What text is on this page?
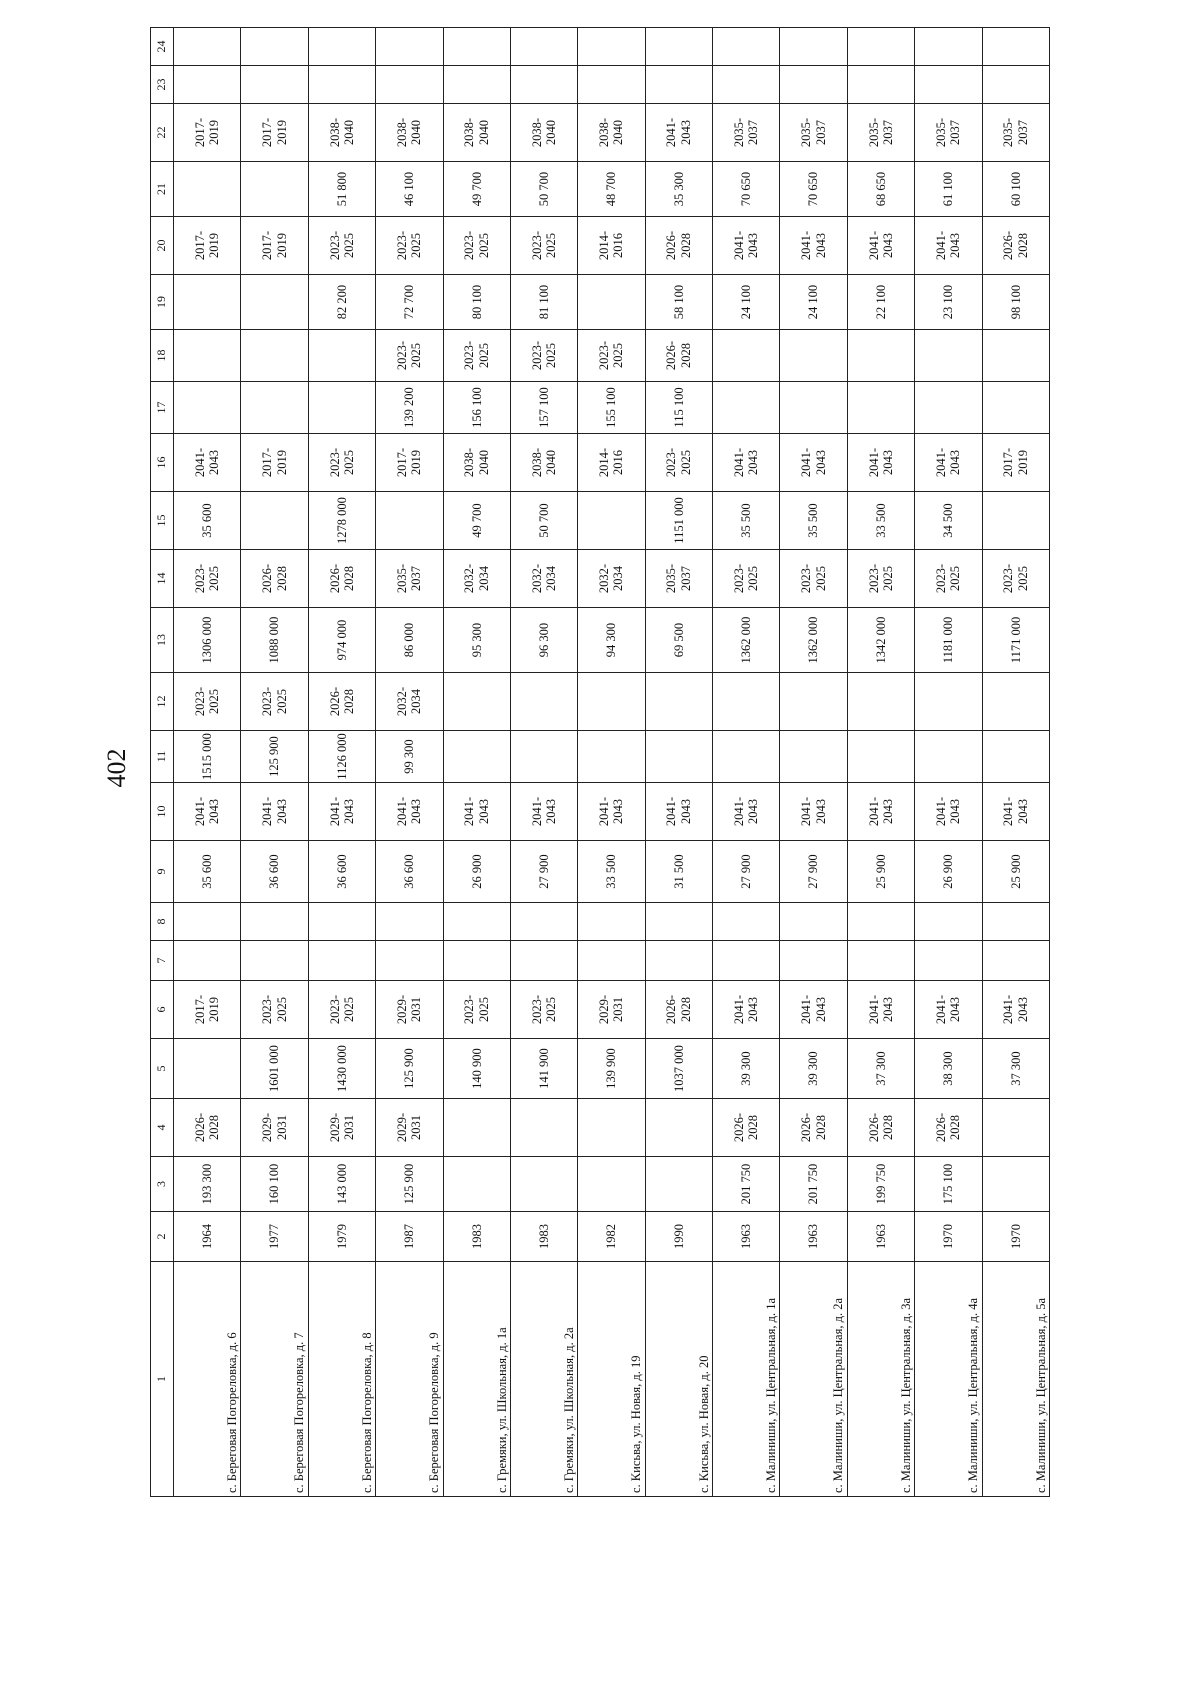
402
1	2	3	4	5	6	7	8	9	10	11	12	13	14	15	16	17	18	19	20	21	22	23	24
с. Береговая Погореловка, д. 6	1964	193 300	2026-2028		2017-2019			35 600	2041-2043	1515 000	2023-2025	1306 000	2023-2025	35 600	2041-2043				2017-2019		2017-2019		
с. Береговая Погореловка, д. 7	1977	160 100	2029-2031	1601 000	2023-2025			36 600	2041-2043	125 900	2023-2025	1088 000	2026-2028		2017-2019				2017-2019		2017-2019		
с. Береговая Погореловка, д. 8	1979	143 000	2029-2031	1430 000	2023-2025			36 600	2041-2043	1126 000	2026-2028	974 000	2026-2028	1278 000	2023-2025			82 200	2023-2025	51 800	2038-2040		
с. Береговая Погореловка, д. 9	1987	125 900	2029-2031	125 900	2029-2031			36 600	2041-2043	99 300	2032-2034	86 000	2035-2037		2017-2019	139 200	2023-2025	72 700	2023-2025	46 100	2038-2040		
с. Гремяки, ул. Школьная, д. 1а	1983			140 900	2023-2025			26 900	2041-2043			95 300	2032-2034	49 700	2038-2040	156 100	2023-2025	80 100	2023-2025	49 700	2038-2040		
с. Гремяки, ул. Школьная, д. 2а	1983			141 900	2023-2025			27 900	2041-2043			96 300	2032-2034	50 700	2038-2040	157 100	2023-2025	81 100	2023-2025	50 700	2038-2040		
с. Кисьва, ул. Новая, д. 19	1982			139 900	2029-2031			33 500	2041-2043			94 300	2032-2034		2014-2016	155 100	2023-2025		2014-2016	48 700	2038-2040		
с. Кисьва, ул. Новая, д. 20	1990			1037 000	2026-2028			31 500	2041-2043			69 500	2035-2037	1151 000	2023-2025	115 100	2026-2028	58 100	2026-2028	35 300	2041-2043		
с. Малиниши, ул. Центральная, д. 1а	1963	201 750	2026-2028	39 300	2041-2043			27 900	2041-2043			1362 000	2023-2025	35 500	2041-2043			24 100	2041-2043	70 650	2035-2037		
с. Малиниши, ул. Центральная, д. 2а	1963	201 750	2026-2028	39 300	2041-2043			27 900	2041-2043			1362 000	2023-2025	35 500	2041-2043			24 100	2041-2043	70 650	2035-2037		
с. Малиниши, ул. Центральная, д. 3а	1963	199 750	2026-2028	37 300	2041-2043			25 900	2041-2043			1342 000	2023-2025	33 500	2041-2043			22 100	2041-2043	68 650	2035-2037		
с. Малиниши, ул. Центральная, д. 4а	1970	175 100	2026-2028	38 300	2041-2043			26 900	2041-2043			1181 000	2023-2025	34 500	2041-2043			23 100	2041-2043	61 100	2035-2037		
с. Малиниши, ул. Центральная, д. 5а	1970			37 300	2041-2043			25 900	2041-2043			1171 000	2023-2025		2017-2019			98 100	2026-2028	60 100	2035-2037		
